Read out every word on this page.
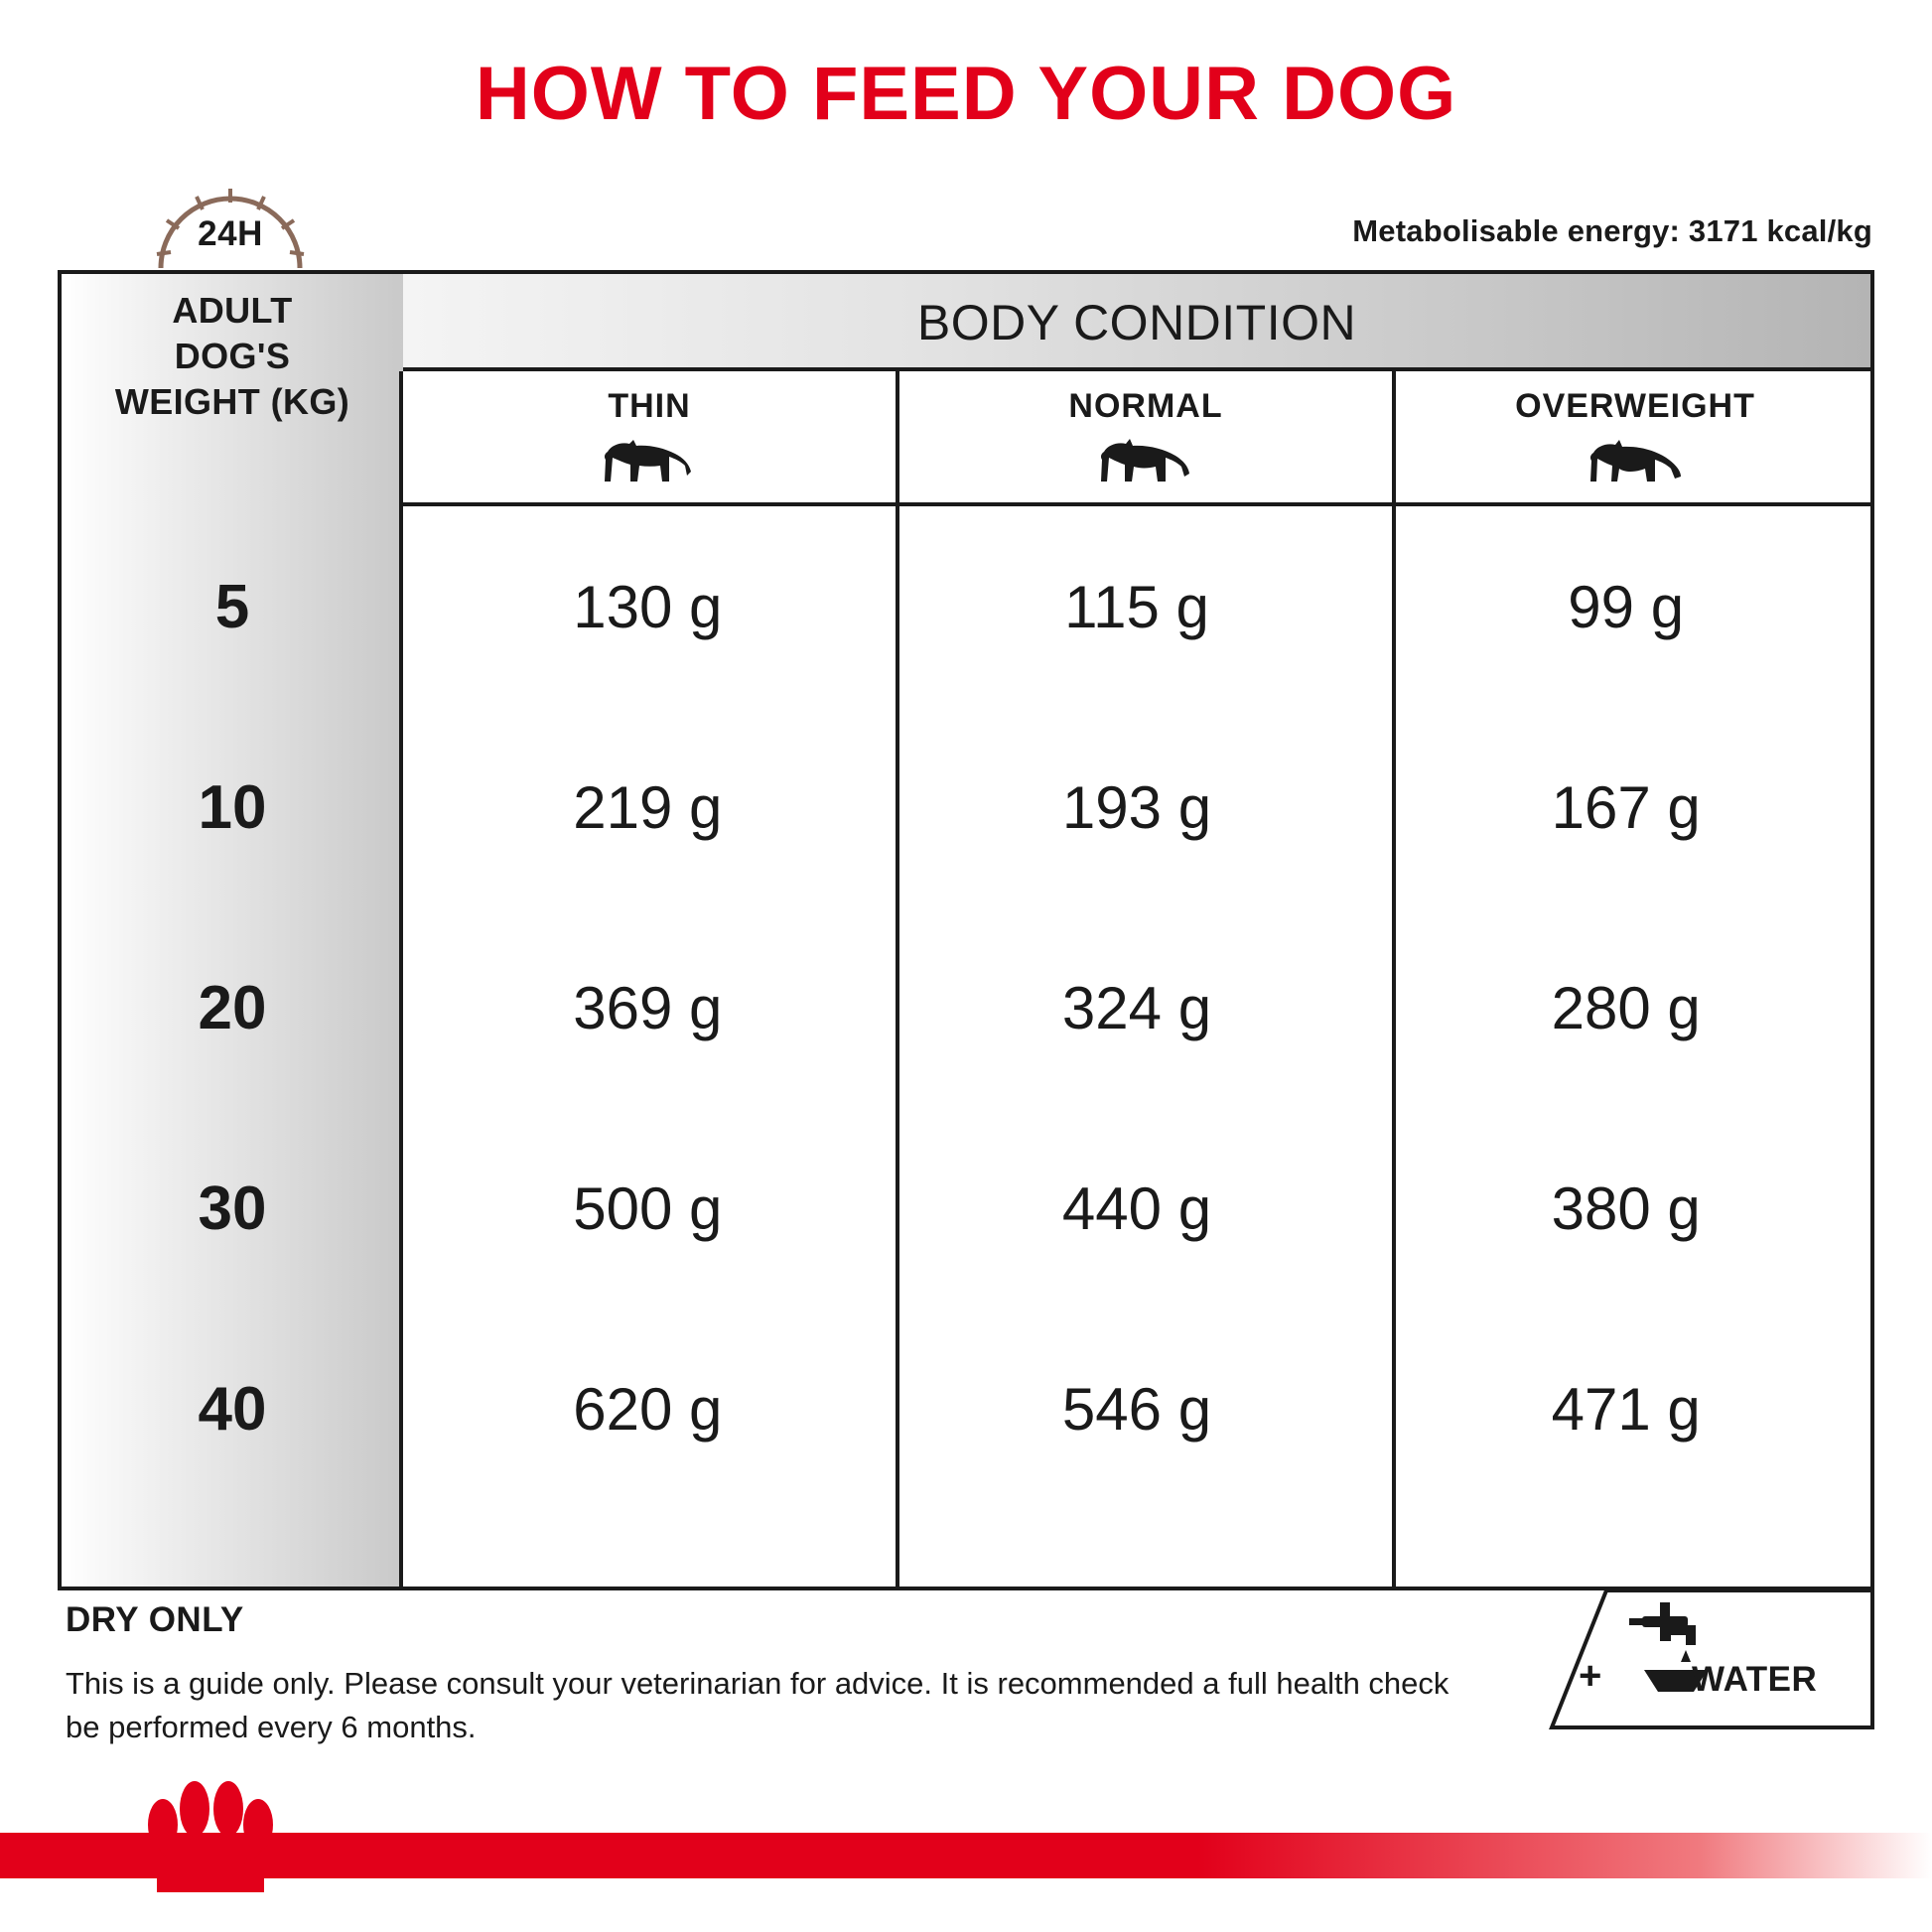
HOW TO FEED YOUR DOG
Metabolisable energy: 3171 kcal/kg
24H
BODY CONDITION
ADULT
DOG'S
WEIGHT (KG)	THIN	NORMAL	OVERWEIGHT
5	130 g	115 g	99 g
10	219 g	193 g	167 g
20	369 g	324 g	280 g
30	500 g	440 g	380 g
40	620 g	546 g	471 g
DRY ONLY
This is a guide only. Please consult your veterinarian for advice. It is recommended a full health check be performed every 6 months.
+	WATER
